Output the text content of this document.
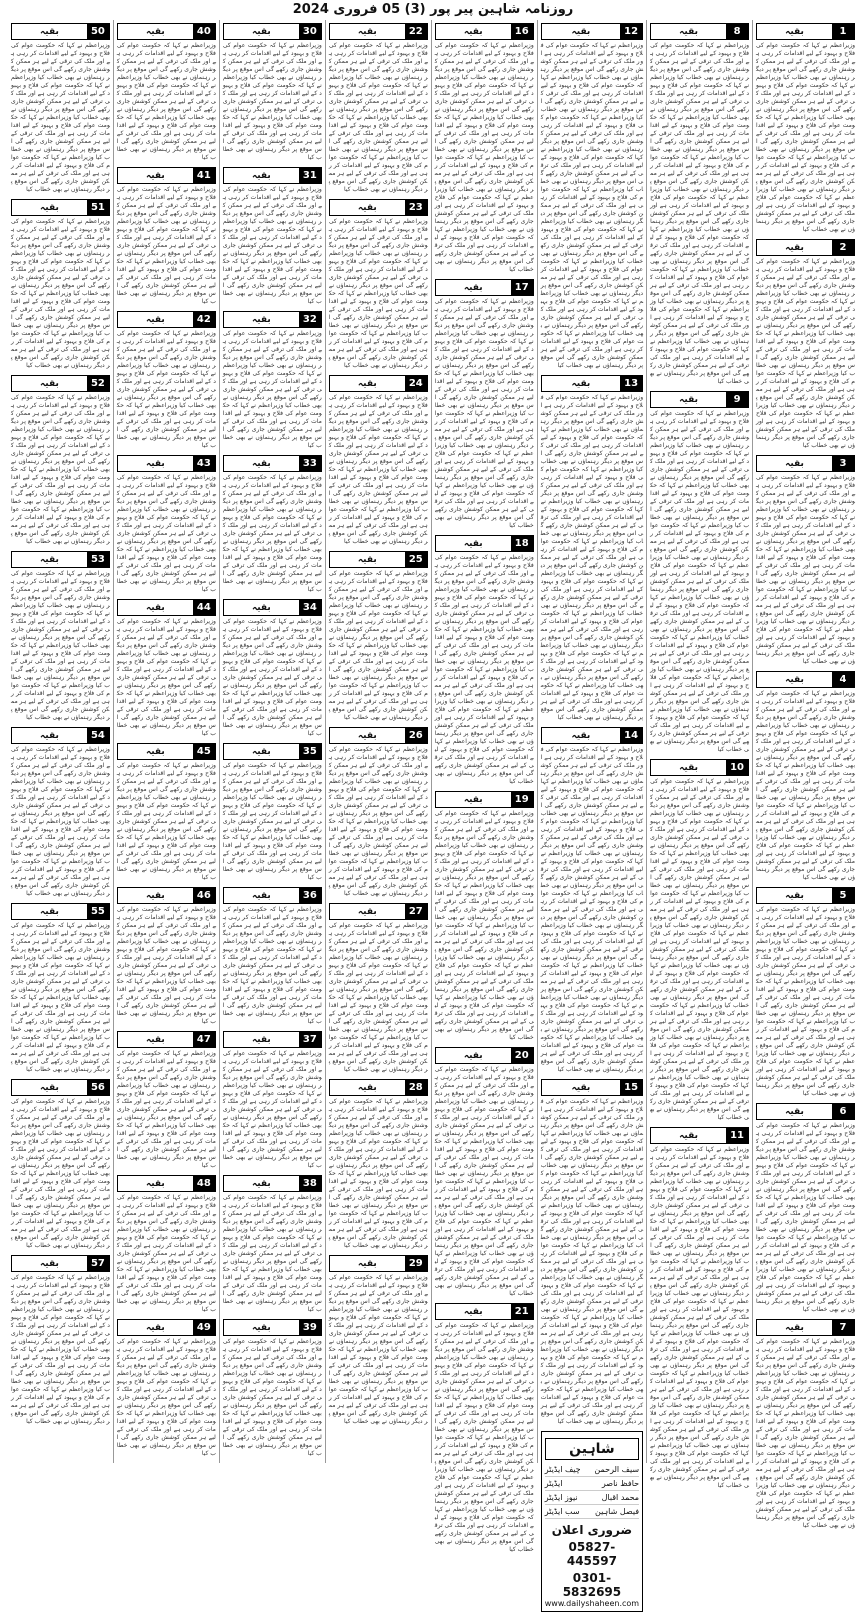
روزنامہ شاہین پیر پور (3) 05 فروری 2024
1
بقیہ
وزیراعظم نے کہا کہ حکومت عوام کی فلاح و بہبود کے لیے اقدامات کر رہی ہے اور ملک کی ترقی کے لیے ہر ممکن کوشش جاری رکھے گی اس موقع پر دیگر رہنماؤں نے بھی خطاب کیا وزیراعظم نے کہا کہ حکومت عوام کی فلاح و بہبود کے لیے اقدامات کر رہی ہے اور ملک کی ترقی کے لیے ہر ممکن کوشش جاری رکھے گی اس موقع پر دیگر رہنماؤں نے بھی خطاب کیا وزیراعظم نے کہا کہ حکومت عوام کی فلاح و بہبود کے لیے اقدامات کر رہی ہے اور ملک کی ترقی کے لیے ہر ممکن کوشش جاری رکھے گی اس موقع پر دیگر رہنماؤں نے بھی خطاب کیا وزیراعظم نے کہا کہ حکومت عوام کی فلاح و بہبود کے لیے اقدامات کر رہی ہے اور ملک کی ترقی کے لیے ہر ممکن کوشش جاری رکھے گی اس موقع پر دیگر رہنماؤں نے بھی خطاب کیا وزیراعظم نے کہا کہ حکومت عوام کی فلاح و بہبود کے لیے اقدامات کر رہی ہے اور ملک کی ترقی کے لیے ہر ممکن کوشش جاری رکھے گی اس موقع پر دیگر رہنماؤں نے بھی خطاب کیا
2
بقیہ
وزیراعظم نے کہا کہ حکومت عوام کی فلاح و بہبود کے لیے اقدامات کر رہی ہے اور ملک کی ترقی کے لیے ہر ممکن کوشش جاری رکھے گی اس موقع پر دیگر رہنماؤں نے بھی خطاب کیا وزیراعظم نے کہا کہ حکومت عوام کی فلاح و بہبود کے لیے اقدامات کر رہی ہے اور ملک کی ترقی کے لیے ہر ممکن کوشش جاری رکھے گی اس موقع پر دیگر رہنماؤں نے بھی خطاب کیا وزیراعظم نے کہا کہ حکومت عوام کی فلاح و بہبود کے لیے اقدامات کر رہی ہے اور ملک کی ترقی کے لیے ہر ممکن کوشش جاری رکھے گی اس موقع پر دیگر رہنماؤں نے بھی خطاب کیا وزیراعظم نے کہا کہ حکومت عوام کی فلاح و بہبود کے لیے اقدامات کر رہی ہے اور ملک کی ترقی کے لیے ہر ممکن کوشش جاری رکھے گی اس موقع پر دیگر رہنماؤں نے بھی خطاب کیا وزیراعظم نے کہا کہ حکومت عوام کی فلاح و بہبود کے لیے اقدامات کر رہی ہے اور ملک کی ترقی کے لیے ہر ممکن کوشش جاری رکھے گی اس موقع پر دیگر رہنماؤں نے بھی خطاب کیا
3
بقیہ
وزیراعظم نے کہا کہ حکومت عوام کی فلاح و بہبود کے لیے اقدامات کر رہی ہے اور ملک کی ترقی کے لیے ہر ممکن کوشش جاری رکھے گی اس موقع پر دیگر رہنماؤں نے بھی خطاب کیا وزیراعظم نے کہا کہ حکومت عوام کی فلاح و بہبود کے لیے اقدامات کر رہی ہے اور ملک کی ترقی کے لیے ہر ممکن کوشش جاری رکھے گی اس موقع پر دیگر رہنماؤں نے بھی خطاب کیا وزیراعظم نے کہا کہ حکومت عوام کی فلاح و بہبود کے لیے اقدامات کر رہی ہے اور ملک کی ترقی کے لیے ہر ممکن کوشش جاری رکھے گی اس موقع پر دیگر رہنماؤں نے بھی خطاب کیا وزیراعظم نے کہا کہ حکومت عوام کی فلاح و بہبود کے لیے اقدامات کر رہی ہے اور ملک کی ترقی کے لیے ہر ممکن کوشش جاری رکھے گی اس موقع پر دیگر رہنماؤں نے بھی خطاب کیا وزیراعظم نے کہا کہ حکومت عوام کی فلاح و بہبود کے لیے اقدامات کر رہی ہے اور ملک کی ترقی کے لیے ہر ممکن کوشش جاری رکھے گی اس موقع پر دیگر رہنماؤں نے بھی خطاب کیا
4
بقیہ
وزیراعظم نے کہا کہ حکومت عوام کی فلاح و بہبود کے لیے اقدامات کر رہی ہے اور ملک کی ترقی کے لیے ہر ممکن کوشش جاری رکھے گی اس موقع پر دیگر رہنماؤں نے بھی خطاب کیا وزیراعظم نے کہا کہ حکومت عوام کی فلاح و بہبود کے لیے اقدامات کر رہی ہے اور ملک کی ترقی کے لیے ہر ممکن کوشش جاری رکھے گی اس موقع پر دیگر رہنماؤں نے بھی خطاب کیا وزیراعظم نے کہا کہ حکومت عوام کی فلاح و بہبود کے لیے اقدامات کر رہی ہے اور ملک کی ترقی کے لیے ہر ممکن کوشش جاری رکھے گی اس موقع پر دیگر رہنماؤں نے بھی خطاب کیا وزیراعظم نے کہا کہ حکومت عوام کی فلاح و بہبود کے لیے اقدامات کر رہی ہے اور ملک کی ترقی کے لیے ہر ممکن کوشش جاری رکھے گی اس موقع پر دیگر رہنماؤں نے بھی خطاب کیا وزیراعظم نے کہا کہ حکومت عوام کی فلاح و بہبود کے لیے اقدامات کر رہی ہے اور ملک کی ترقی کے لیے ہر ممکن کوشش جاری رکھے گی اس موقع پر دیگر رہنماؤں نے بھی خطاب کیا
5
بقیہ
وزیراعظم نے کہا کہ حکومت عوام کی فلاح و بہبود کے لیے اقدامات کر رہی ہے اور ملک کی ترقی کے لیے ہر ممکن کوشش جاری رکھے گی اس موقع پر دیگر رہنماؤں نے بھی خطاب کیا وزیراعظم نے کہا کہ حکومت عوام کی فلاح و بہبود کے لیے اقدامات کر رہی ہے اور ملک کی ترقی کے لیے ہر ممکن کوشش جاری رکھے گی اس موقع پر دیگر رہنماؤں نے بھی خطاب کیا وزیراعظم نے کہا کہ حکومت عوام کی فلاح و بہبود کے لیے اقدامات کر رہی ہے اور ملک کی ترقی کے لیے ہر ممکن کوشش جاری رکھے گی اس موقع پر دیگر رہنماؤں نے بھی خطاب کیا وزیراعظم نے کہا کہ حکومت عوام کی فلاح و بہبود کے لیے اقدامات کر رہی ہے اور ملک کی ترقی کے لیے ہر ممکن کوشش جاری رکھے گی اس موقع پر دیگر رہنماؤں نے بھی خطاب کیا وزیراعظم نے کہا کہ حکومت عوام کی فلاح و بہبود کے لیے اقدامات کر رہی ہے اور ملک کی ترقی کے لیے ہر ممکن کوشش جاری رکھے گی اس موقع پر دیگر رہنماؤں نے بھی خطاب کیا
6
بقیہ
وزیراعظم نے کہا کہ حکومت عوام کی فلاح و بہبود کے لیے اقدامات کر رہی ہے اور ملک کی ترقی کے لیے ہر ممکن کوشش جاری رکھے گی اس موقع پر دیگر رہنماؤں نے بھی خطاب کیا وزیراعظم نے کہا کہ حکومت عوام کی فلاح و بہبود کے لیے اقدامات کر رہی ہے اور ملک کی ترقی کے لیے ہر ممکن کوشش جاری رکھے گی اس موقع پر دیگر رہنماؤں نے بھی خطاب کیا وزیراعظم نے کہا کہ حکومت عوام کی فلاح و بہبود کے لیے اقدامات کر رہی ہے اور ملک کی ترقی کے لیے ہر ممکن کوشش جاری رکھے گی اس موقع پر دیگر رہنماؤں نے بھی خطاب کیا وزیراعظم نے کہا کہ حکومت عوام کی فلاح و بہبود کے لیے اقدامات کر رہی ہے اور ملک کی ترقی کے لیے ہر ممکن کوشش جاری رکھے گی اس موقع پر دیگر رہنماؤں نے بھی خطاب کیا وزیراعظم نے کہا کہ حکومت عوام کی فلاح و بہبود کے لیے اقدامات کر رہی ہے اور ملک کی ترقی کے لیے ہر ممکن کوشش جاری رکھے گی اس موقع پر دیگر رہنماؤں نے بھی خطاب کیا
7
بقیہ
وزیراعظم نے کہا کہ حکومت عوام کی فلاح و بہبود کے لیے اقدامات کر رہی ہے اور ملک کی ترقی کے لیے ہر ممکن کوشش جاری رکھے گی اس موقع پر دیگر رہنماؤں نے بھی خطاب کیا وزیراعظم نے کہا کہ حکومت عوام کی فلاح و بہبود کے لیے اقدامات کر رہی ہے اور ملک کی ترقی کے لیے ہر ممکن کوشش جاری رکھے گی اس موقع پر دیگر رہنماؤں نے بھی خطاب کیا وزیراعظم نے کہا کہ حکومت عوام کی فلاح و بہبود کے لیے اقدامات کر رہی ہے اور ملک کی ترقی کے لیے ہر ممکن کوشش جاری رکھے گی اس موقع پر دیگر رہنماؤں نے بھی خطاب کیا وزیراعظم نے کہا کہ حکومت عوام کی فلاح و بہبود کے لیے اقدامات کر رہی ہے اور ملک کی ترقی کے لیے ہر ممکن کوشش جاری رکھے گی اس موقع پر دیگر رہنماؤں نے بھی خطاب کیا وزیراعظم نے کہا کہ حکومت عوام کی فلاح و بہبود کے لیے اقدامات کر رہی ہے اور ملک کی ترقی کے لیے ہر ممکن کوشش جاری رکھے گی اس موقع پر دیگر رہنماؤں نے بھی خطاب کیا
8
بقیہ
وزیراعظم نے کہا کہ حکومت عوام کی فلاح و بہبود کے لیے اقدامات کر رہی ہے اور ملک کی ترقی کے لیے ہر ممکن کوشش جاری رکھے گی اس موقع پر دیگر رہنماؤں نے بھی خطاب کیا وزیراعظم نے کہا کہ حکومت عوام کی فلاح و بہبود کے لیے اقدامات کر رہی ہے اور ملک کی ترقی کے لیے ہر ممکن کوشش جاری رکھے گی اس موقع پر دیگر رہنماؤں نے بھی خطاب کیا وزیراعظم نے کہا کہ حکومت عوام کی فلاح و بہبود کے لیے اقدامات کر رہی ہے اور ملک کی ترقی کے لیے ہر ممکن کوشش جاری رکھے گی اس موقع پر دیگر رہنماؤں نے بھی خطاب کیا وزیراعظم نے کہا کہ حکومت عوام کی فلاح و بہبود کے لیے اقدامات کر رہی ہے اور ملک کی ترقی کے لیے ہر ممکن کوشش جاری رکھے گی اس موقع پر دیگر رہنماؤں نے بھی خطاب کیا وزیراعظم نے کہا کہ حکومت عوام کی فلاح و بہبود کے لیے اقدامات کر رہی ہے اور ملک کی ترقی کے لیے ہر ممکن کوشش جاری رکھے گی اس موقع پر دیگر رہنماؤں نے بھی خطاب کیا وزیراعظم نے کہا کہ حکومت عوام کی فلاح و بہبود کے لیے اقدامات کر رہی ہے اور ملک کی ترقی کے لیے ہر ممکن کوشش جاری رکھے گی اس موقع پر دیگر رہنماؤں نے بھی خطاب کیا وزیراعظم نے کہا کہ حکومت عوام کی فلاح و بہبود کے لیے اقدامات کر رہی ہے اور ملک کی ترقی کے لیے ہر ممکن کوشش جاری رکھے گی اس موقع پر دیگر رہنماؤں نے بھی خطاب کیا وزیراعظم نے کہا کہ حکومت عوام کی فلاح و بہبود کے لیے اقدامات کر رہی ہے اور ملک کی ترقی کے لیے ہر ممکن کوشش جاری رکھے گی اس موقع پر دیگر رہنماؤں نے بھی خطاب کیا وزیراعظم نے کہا کہ حکومت عوام کی فلاح و بہبود کے لیے اقدامات کر رہی ہے اور ملک کی ترقی کے لیے ہر ممکن کوشش جاری رکھے گی اس موقع پر دیگر رہنماؤں نے بھی خطاب کیا
9
بقیہ
وزیراعظم نے کہا کہ حکومت عوام کی فلاح و بہبود کے لیے اقدامات کر رہی ہے اور ملک کی ترقی کے لیے ہر ممکن کوشش جاری رکھے گی اس موقع پر دیگر رہنماؤں نے بھی خطاب کیا وزیراعظم نے کہا کہ حکومت عوام کی فلاح و بہبود کے لیے اقدامات کر رہی ہے اور ملک کی ترقی کے لیے ہر ممکن کوشش جاری رکھے گی اس موقع پر دیگر رہنماؤں نے بھی خطاب کیا وزیراعظم نے کہا کہ حکومت عوام کی فلاح و بہبود کے لیے اقدامات کر رہی ہے اور ملک کی ترقی کے لیے ہر ممکن کوشش جاری رکھے گی اس موقع پر دیگر رہنماؤں نے بھی خطاب کیا وزیراعظم نے کہا کہ حکومت عوام کی فلاح و بہبود کے لیے اقدامات کر رہی ہے اور ملک کی ترقی کے لیے ہر ممکن کوشش جاری رکھے گی اس موقع پر دیگر رہنماؤں نے بھی خطاب کیا وزیراعظم نے کہا کہ حکومت عوام کی فلاح و بہبود کے لیے اقدامات کر رہی ہے اور ملک کی ترقی کے لیے ہر ممکن کوشش جاری رکھے گی اس موقع پر دیگر رہنماؤں نے بھی خطاب کیا وزیراعظم نے کہا کہ حکومت عوام کی فلاح و بہبود کے لیے اقدامات کر رہی ہے اور ملک کی ترقی کے لیے ہر ممکن کوشش جاری رکھے گی اس موقع پر دیگر رہنماؤں نے بھی خطاب کیا وزیراعظم نے کہا کہ حکومت عوام کی فلاح و بہبود کے لیے اقدامات کر رہی ہے اور ملک کی ترقی کے لیے ہر ممکن کوشش جاری رکھے گی اس موقع پر دیگر رہنماؤں نے بھی خطاب کیا وزیراعظم نے کہا کہ حکومت عوام کی فلاح و بہبود کے لیے اقدامات کر رہی ہے اور ملک کی ترقی کے لیے ہر ممکن کوشش جاری رکھے گی اس موقع پر دیگر رہنماؤں نے بھی خطاب کیا وزیراعظم نے کہا کہ حکومت عوام کی فلاح و بہبود کے لیے اقدامات کر رہی ہے اور ملک کی ترقی کے لیے ہر ممکن کوشش جاری رکھے گی اس موقع پر دیگر رہنماؤں نے بھی خطاب کیا
10
بقیہ
وزیراعظم نے کہا کہ حکومت عوام کی فلاح و بہبود کے لیے اقدامات کر رہی ہے اور ملک کی ترقی کے لیے ہر ممکن کوشش جاری رکھے گی اس موقع پر دیگر رہنماؤں نے بھی خطاب کیا وزیراعظم نے کہا کہ حکومت عوام کی فلاح و بہبود کے لیے اقدامات کر رہی ہے اور ملک کی ترقی کے لیے ہر ممکن کوشش جاری رکھے گی اس موقع پر دیگر رہنماؤں نے بھی خطاب کیا وزیراعظم نے کہا کہ حکومت عوام کی فلاح و بہبود کے لیے اقدامات کر رہی ہے اور ملک کی ترقی کے لیے ہر ممکن کوشش جاری رکھے گی اس موقع پر دیگر رہنماؤں نے بھی خطاب کیا وزیراعظم نے کہا کہ حکومت عوام کی فلاح و بہبود کے لیے اقدامات کر رہی ہے اور ملک کی ترقی کے لیے ہر ممکن کوشش جاری رکھے گی اس موقع پر دیگر رہنماؤں نے بھی خطاب کیا وزیراعظم نے کہا کہ حکومت عوام کی فلاح و بہبود کے لیے اقدامات کر رہی ہے اور ملک کی ترقی کے لیے ہر ممکن کوشش جاری رکھے گی اس موقع پر دیگر رہنماؤں نے بھی خطاب کیا وزیراعظم نے کہا کہ حکومت عوام کی فلاح و بہبود کے لیے اقدامات کر رہی ہے اور ملک کی ترقی کے لیے ہر ممکن کوشش جاری رکھے گی اس موقع پر دیگر رہنماؤں نے بھی خطاب کیا وزیراعظم نے کہا کہ حکومت عوام کی فلاح و بہبود کے لیے اقدامات کر رہی ہے اور ملک کی ترقی کے لیے ہر ممکن کوشش جاری رکھے گی اس موقع پر دیگر رہنماؤں نے بھی خطاب کیا وزیراعظم نے کہا کہ حکومت عوام کی فلاح و بہبود کے لیے اقدامات کر رہی ہے اور ملک کی ترقی کے لیے ہر ممکن کوشش جاری رکھے گی اس موقع پر دیگر رہنماؤں نے بھی خطاب کیا وزیراعظم نے کہا کہ حکومت عوام کی فلاح و بہبود کے لیے اقدامات کر رہی ہے اور ملک کی ترقی کے لیے ہر ممکن کوشش جاری رکھے گی اس موقع پر دیگر رہنماؤں نے بھی خطاب کیا
11
بقیہ
وزیراعظم نے کہا کہ حکومت عوام کی فلاح و بہبود کے لیے اقدامات کر رہی ہے اور ملک کی ترقی کے لیے ہر ممکن کوشش جاری رکھے گی اس موقع پر دیگر رہنماؤں نے بھی خطاب کیا وزیراعظم نے کہا کہ حکومت عوام کی فلاح و بہبود کے لیے اقدامات کر رہی ہے اور ملک کی ترقی کے لیے ہر ممکن کوشش جاری رکھے گی اس موقع پر دیگر رہنماؤں نے بھی خطاب کیا وزیراعظم نے کہا کہ حکومت عوام کی فلاح و بہبود کے لیے اقدامات کر رہی ہے اور ملک کی ترقی کے لیے ہر ممکن کوشش جاری رکھے گی اس موقع پر دیگر رہنماؤں نے بھی خطاب کیا وزیراعظم نے کہا کہ حکومت عوام کی فلاح و بہبود کے لیے اقدامات کر رہی ہے اور ملک کی ترقی کے لیے ہر ممکن کوشش جاری رکھے گی اس موقع پر دیگر رہنماؤں نے بھی خطاب کیا وزیراعظم نے کہا کہ حکومت عوام کی فلاح و بہبود کے لیے اقدامات کر رہی ہے اور ملک کی ترقی کے لیے ہر ممکن کوشش جاری رکھے گی اس موقع پر دیگر رہنماؤں نے بھی خطاب کیا وزیراعظم نے کہا کہ حکومت عوام کی فلاح و بہبود کے لیے اقدامات کر رہی ہے اور ملک کی ترقی کے لیے ہر ممکن کوشش جاری رکھے گی اس موقع پر دیگر رہنماؤں نے بھی خطاب کیا وزیراعظم نے کہا کہ حکومت عوام کی فلاح و بہبود کے لیے اقدامات کر رہی ہے اور ملک کی ترقی کے لیے ہر ممکن کوشش جاری رکھے گی اس موقع پر دیگر رہنماؤں نے بھی خطاب کیا وزیراعظم نے کہا کہ حکومت عوام کی فلاح و بہبود کے لیے اقدامات کر رہی ہے اور ملک کی ترقی کے لیے ہر ممکن کوشش جاری رکھے گی اس موقع پر دیگر رہنماؤں نے بھی خطاب کیا وزیراعظم نے کہا کہ حکومت عوام کی فلاح و بہبود کے لیے اقدامات کر رہی ہے اور ملک کی ترقی کے لیے ہر ممکن کوشش جاری رکھے گی اس موقع پر دیگر رہنماؤں نے بھی خطاب کیا
12
بقیہ
وزیراعظم نے کہا کہ حکومت عوام کی فلاح و بہبود کے لیے اقدامات کر رہی ہے اور ملک کی ترقی کے لیے ہر ممکن کوشش جاری رکھے گی اس موقع پر دیگر رہنماؤں نے بھی خطاب کیا وزیراعظم نے کہا کہ حکومت عوام کی فلاح و بہبود کے لیے اقدامات کر رہی ہے اور ملک کی ترقی کے لیے ہر ممکن کوشش جاری رکھے گی اس موقع پر دیگر رہنماؤں نے بھی خطاب کیا وزیراعظم نے کہا کہ حکومت عوام کی فلاح و بہبود کے لیے اقدامات کر رہی ہے اور ملک کی ترقی کے لیے ہر ممکن کوشش جاری رکھے گی اس موقع پر دیگر رہنماؤں نے بھی خطاب کیا وزیراعظم نے کہا کہ حکومت عوام کی فلاح و بہبود کے لیے اقدامات کر رہی ہے اور ملک کی ترقی کے لیے ہر ممکن کوشش جاری رکھے گی اس موقع پر دیگر رہنماؤں نے بھی خطاب کیا وزیراعظم نے کہا کہ حکومت عوام کی فلاح و بہبود کے لیے اقدامات کر رہی ہے اور ملک کی ترقی کے لیے ہر ممکن کوشش جاری رکھے گی اس موقع پر دیگر رہنماؤں نے بھی خطاب کیا وزیراعظم نے کہا کہ حکومت عوام کی فلاح و بہبود کے لیے اقدامات کر رہی ہے اور ملک کی ترقی کے لیے ہر ممکن کوشش جاری رکھے گی اس موقع پر دیگر رہنماؤں نے بھی خطاب کیا وزیراعظم نے کہا کہ حکومت عوام کی فلاح و بہبود کے لیے اقدامات کر رہی ہے اور ملک کی ترقی کے لیے ہر ممکن کوشش جاری رکھے گی اس موقع پر دیگر رہنماؤں نے بھی خطاب کیا وزیراعظم نے کہا کہ حکومت عوام کی فلاح و بہبود کے لیے اقدامات کر رہی ہے اور ملک کی ترقی کے لیے ہر ممکن کوشش جاری رکھے گی اس موقع پر دیگر رہنماؤں نے بھی خطاب کیا وزیراعظم نے کہا کہ حکومت عوام کی فلاح و بہبود کے لیے اقدامات کر رہی ہے اور ملک کی ترقی کے لیے ہر ممکن کوشش جاری رکھے گی اس موقع پر دیگر رہنماؤں نے بھی خطاب کیا
13
بقیہ
وزیراعظم نے کہا کہ حکومت عوام کی فلاح و بہبود کے لیے اقدامات کر رہی ہے اور ملک کی ترقی کے لیے ہر ممکن کوشش جاری رکھے گی اس موقع پر دیگر رہنماؤں نے بھی خطاب کیا وزیراعظم نے کہا کہ حکومت عوام کی فلاح و بہبود کے لیے اقدامات کر رہی ہے اور ملک کی ترقی کے لیے ہر ممکن کوشش جاری رکھے گی اس موقع پر دیگر رہنماؤں نے بھی خطاب کیا وزیراعظم نے کہا کہ حکومت عوام کی فلاح و بہبود کے لیے اقدامات کر رہی ہے اور ملک کی ترقی کے لیے ہر ممکن کوشش جاری رکھے گی اس موقع پر دیگر رہنماؤں نے بھی خطاب کیا وزیراعظم نے کہا کہ حکومت عوام کی فلاح و بہبود کے لیے اقدامات کر رہی ہے اور ملک کی ترقی کے لیے ہر ممکن کوشش جاری رکھے گی اس موقع پر دیگر رہنماؤں نے بھی خطاب کیا وزیراعظم نے کہا کہ حکومت عوام کی فلاح و بہبود کے لیے اقدامات کر رہی ہے اور ملک کی ترقی کے لیے ہر ممکن کوشش جاری رکھے گی اس موقع پر دیگر رہنماؤں نے بھی خطاب کیا وزیراعظم نے کہا کہ حکومت عوام کی فلاح و بہبود کے لیے اقدامات کر رہی ہے اور ملک کی ترقی کے لیے ہر ممکن کوشش جاری رکھے گی اس موقع پر دیگر رہنماؤں نے بھی خطاب کیا وزیراعظم نے کہا کہ حکومت عوام کی فلاح و بہبود کے لیے اقدامات کر رہی ہے اور ملک کی ترقی کے لیے ہر ممکن کوشش جاری رکھے گی اس موقع پر دیگر رہنماؤں نے بھی خطاب کیا وزیراعظم نے کہا کہ حکومت عوام کی فلاح و بہبود کے لیے اقدامات کر رہی ہے اور ملک کی ترقی کے لیے ہر ممکن کوشش جاری رکھے گی اس موقع پر دیگر رہنماؤں نے بھی خطاب کیا وزیراعظم نے کہا کہ حکومت عوام کی فلاح و بہبود کے لیے اقدامات کر رہی ہے اور ملک کی ترقی کے لیے ہر ممکن کوشش جاری رکھے گی اس موقع پر دیگر رہنماؤں نے بھی خطاب کیا
14
بقیہ
وزیراعظم نے کہا کہ حکومت عوام کی فلاح و بہبود کے لیے اقدامات کر رہی ہے اور ملک کی ترقی کے لیے ہر ممکن کوشش جاری رکھے گی اس موقع پر دیگر رہنماؤں نے بھی خطاب کیا وزیراعظم نے کہا کہ حکومت عوام کی فلاح و بہبود کے لیے اقدامات کر رہی ہے اور ملک کی ترقی کے لیے ہر ممکن کوشش جاری رکھے گی اس موقع پر دیگر رہنماؤں نے بھی خطاب کیا وزیراعظم نے کہا کہ حکومت عوام کی فلاح و بہبود کے لیے اقدامات کر رہی ہے اور ملک کی ترقی کے لیے ہر ممکن کوشش جاری رکھے گی اس موقع پر دیگر رہنماؤں نے بھی خطاب کیا وزیراعظم نے کہا کہ حکومت عوام کی فلاح و بہبود کے لیے اقدامات کر رہی ہے اور ملک کی ترقی کے لیے ہر ممکن کوشش جاری رکھے گی اس موقع پر دیگر رہنماؤں نے بھی خطاب کیا وزیراعظم نے کہا کہ حکومت عوام کی فلاح و بہبود کے لیے اقدامات کر رہی ہے اور ملک کی ترقی کے لیے ہر ممکن کوشش جاری رکھے گی اس موقع پر دیگر رہنماؤں نے بھی خطاب کیا وزیراعظم نے کہا کہ حکومت عوام کی فلاح و بہبود کے لیے اقدامات کر رہی ہے اور ملک کی ترقی کے لیے ہر ممکن کوشش جاری رکھے گی اس موقع پر دیگر رہنماؤں نے بھی خطاب کیا وزیراعظم نے کہا کہ حکومت عوام کی فلاح و بہبود کے لیے اقدامات کر رہی ہے اور ملک کی ترقی کے لیے ہر ممکن کوشش جاری رکھے گی اس موقع پر دیگر رہنماؤں نے بھی خطاب کیا وزیراعظم نے کہا کہ حکومت عوام کی فلاح و بہبود کے لیے اقدامات کر رہی ہے اور ملک کی ترقی کے لیے ہر ممکن کوشش جاری رکھے گی اس موقع پر دیگر رہنماؤں نے بھی خطاب کیا وزیراعظم نے کہا کہ حکومت عوام کی فلاح و بہبود کے لیے اقدامات کر رہی ہے اور ملک کی ترقی کے لیے ہر ممکن کوشش جاری رکھے گی اس موقع پر دیگر رہنماؤں نے بھی خطاب کیا
15
بقیہ
وزیراعظم نے کہا کہ حکومت عوام کی فلاح و بہبود کے لیے اقدامات کر رہی ہے اور ملک کی ترقی کے لیے ہر ممکن کوشش جاری رکھے گی اس موقع پر دیگر رہنماؤں نے بھی خطاب کیا وزیراعظم نے کہا کہ حکومت عوام کی فلاح و بہبود کے لیے اقدامات کر رہی ہے اور ملک کی ترقی کے لیے ہر ممکن کوشش جاری رکھے گی اس موقع پر دیگر رہنماؤں نے بھی خطاب کیا وزیراعظم نے کہا کہ حکومت عوام کی فلاح و بہبود کے لیے اقدامات کر رہی ہے اور ملک کی ترقی کے لیے ہر ممکن کوشش جاری رکھے گی اس موقع پر دیگر رہنماؤں نے بھی خطاب کیا وزیراعظم نے کہا کہ حکومت عوام کی فلاح و بہبود کے لیے اقدامات کر رہی ہے اور ملک کی ترقی کے لیے ہر ممکن کوشش جاری رکھے گی اس موقع پر دیگر رہنماؤں نے بھی خطاب کیا وزیراعظم نے کہا کہ حکومت عوام کی فلاح و بہبود کے لیے اقدامات کر رہی ہے اور ملک کی ترقی کے لیے ہر ممکن کوشش جاری رکھے گی اس موقع پر دیگر رہنماؤں نے بھی خطاب کیا وزیراعظم نے کہا کہ حکومت عوام کی فلاح و بہبود کے لیے اقدامات کر رہی ہے اور ملک کی ترقی کے لیے ہر ممکن کوشش جاری رکھے گی اس موقع پر دیگر رہنماؤں نے بھی خطاب کیا وزیراعظم نے کہا کہ حکومت عوام کی فلاح و بہبود کے لیے اقدامات کر رہی ہے اور ملک کی ترقی کے لیے ہر ممکن کوشش جاری رکھے گی اس موقع پر دیگر رہنماؤں نے بھی خطاب کیا وزیراعظم نے کہا کہ حکومت عوام کی فلاح و بہبود کے لیے اقدامات کر رہی ہے اور ملک کی ترقی کے لیے ہر ممکن کوشش جاری رکھے گی اس موقع پر دیگر رہنماؤں نے بھی خطاب کیا وزیراعظم نے کہا کہ حکومت عوام کی فلاح و بہبود کے لیے اقدامات کر رہی ہے اور ملک کی ترقی کے لیے ہر ممکن کوشش جاری رکھے گی اس موقع پر دیگر رہنماؤں نے بھی خطاب کیا
شاہین
چیف ایڈیٹر سیف الرحمن
ایڈیٹر	حافظ ناصر
نیوز ایڈیٹر	محمد اقبال
سب ایڈیٹر فیصل شاہین
ضروری اعلان
05827-445597
0301-5832695
www.dailyshaheen.com
16
بقیہ
وزیراعظم نے کہا کہ حکومت عوام کی فلاح و بہبود کے لیے اقدامات کر رہی ہے اور ملک کی ترقی کے لیے ہر ممکن کوشش جاری رکھے گی اس موقع پر دیگر رہنماؤں نے بھی خطاب کیا وزیراعظم نے کہا کہ حکومت عوام کی فلاح و بہبود کے لیے اقدامات کر رہی ہے اور ملک کی ترقی کے لیے ہر ممکن کوشش جاری رکھے گی اس موقع پر دیگر رہنماؤں نے بھی خطاب کیا وزیراعظم نے کہا کہ حکومت عوام کی فلاح و بہبود کے لیے اقدامات کر رہی ہے اور ملک کی ترقی کے لیے ہر ممکن کوشش جاری رکھے گی اس موقع پر دیگر رہنماؤں نے بھی خطاب کیا وزیراعظم نے کہا کہ حکومت عوام کی فلاح و بہبود کے لیے اقدامات کر رہی ہے اور ملک کی ترقی کے لیے ہر ممکن کوشش جاری رکھے گی اس موقع پر دیگر رہنماؤں نے بھی خطاب کیا وزیراعظم نے کہا کہ حکومت عوام کی فلاح و بہبود کے لیے اقدامات کر رہی ہے اور ملک کی ترقی کے لیے ہر ممکن کوشش جاری رکھے گی اس موقع پر دیگر رہنماؤں نے بھی خطاب کیا وزیراعظم نے کہا کہ حکومت عوام کی فلاح و بہبود کے لیے اقدامات کر رہی ہے اور ملک کی ترقی کے لیے ہر ممکن کوشش جاری رکھے گی اس موقع پر دیگر رہنماؤں نے بھی خطاب کیا
17
بقیہ
وزیراعظم نے کہا کہ حکومت عوام کی فلاح و بہبود کے لیے اقدامات کر رہی ہے اور ملک کی ترقی کے لیے ہر ممکن کوشش جاری رکھے گی اس موقع پر دیگر رہنماؤں نے بھی خطاب کیا وزیراعظم نے کہا کہ حکومت عوام کی فلاح و بہبود کے لیے اقدامات کر رہی ہے اور ملک کی ترقی کے لیے ہر ممکن کوشش جاری رکھے گی اس موقع پر دیگر رہنماؤں نے بھی خطاب کیا وزیراعظم نے کہا کہ حکومت عوام کی فلاح و بہبود کے لیے اقدامات کر رہی ہے اور ملک کی ترقی کے لیے ہر ممکن کوشش جاری رکھے گی اس موقع پر دیگر رہنماؤں نے بھی خطاب کیا وزیراعظم نے کہا کہ حکومت عوام کی فلاح و بہبود کے لیے اقدامات کر رہی ہے اور ملک کی ترقی کے لیے ہر ممکن کوشش جاری رکھے گی اس موقع پر دیگر رہنماؤں نے بھی خطاب کیا وزیراعظم نے کہا کہ حکومت عوام کی فلاح و بہبود کے لیے اقدامات کر رہی ہے اور ملک کی ترقی کے لیے ہر ممکن کوشش جاری رکھے گی اس موقع پر دیگر رہنماؤں نے بھی خطاب کیا وزیراعظم نے کہا کہ حکومت عوام کی فلاح و بہبود کے لیے اقدامات کر رہی ہے اور ملک کی ترقی کے لیے ہر ممکن کوشش جاری رکھے گی اس موقع پر دیگر رہنماؤں نے بھی خطاب کیا
18
بقیہ
وزیراعظم نے کہا کہ حکومت عوام کی فلاح و بہبود کے لیے اقدامات کر رہی ہے اور ملک کی ترقی کے لیے ہر ممکن کوشش جاری رکھے گی اس موقع پر دیگر رہنماؤں نے بھی خطاب کیا وزیراعظم نے کہا کہ حکومت عوام کی فلاح و بہبود کے لیے اقدامات کر رہی ہے اور ملک کی ترقی کے لیے ہر ممکن کوشش جاری رکھے گی اس موقع پر دیگر رہنماؤں نے بھی خطاب کیا وزیراعظم نے کہا کہ حکومت عوام کی فلاح و بہبود کے لیے اقدامات کر رہی ہے اور ملک کی ترقی کے لیے ہر ممکن کوشش جاری رکھے گی اس موقع پر دیگر رہنماؤں نے بھی خطاب کیا وزیراعظم نے کہا کہ حکومت عوام کی فلاح و بہبود کے لیے اقدامات کر رہی ہے اور ملک کی ترقی کے لیے ہر ممکن کوشش جاری رکھے گی اس موقع پر دیگر رہنماؤں نے بھی خطاب کیا وزیراعظم نے کہا کہ حکومت عوام کی فلاح و بہبود کے لیے اقدامات کر رہی ہے اور ملک کی ترقی کے لیے ہر ممکن کوشش جاری رکھے گی اس موقع پر دیگر رہنماؤں نے بھی خطاب کیا وزیراعظم نے کہا کہ حکومت عوام کی فلاح و بہبود کے لیے اقدامات کر رہی ہے اور ملک کی ترقی کے لیے ہر ممکن کوشش جاری رکھے گی اس موقع پر دیگر رہنماؤں نے بھی خطاب کیا
19
بقیہ
وزیراعظم نے کہا کہ حکومت عوام کی فلاح و بہبود کے لیے اقدامات کر رہی ہے اور ملک کی ترقی کے لیے ہر ممکن کوشش جاری رکھے گی اس موقع پر دیگر رہنماؤں نے بھی خطاب کیا وزیراعظم نے کہا کہ حکومت عوام کی فلاح و بہبود کے لیے اقدامات کر رہی ہے اور ملک کی ترقی کے لیے ہر ممکن کوشش جاری رکھے گی اس موقع پر دیگر رہنماؤں نے بھی خطاب کیا وزیراعظم نے کہا کہ حکومت عوام کی فلاح و بہبود کے لیے اقدامات کر رہی ہے اور ملک کی ترقی کے لیے ہر ممکن کوشش جاری رکھے گی اس موقع پر دیگر رہنماؤں نے بھی خطاب کیا وزیراعظم نے کہا کہ حکومت عوام کی فلاح و بہبود کے لیے اقدامات کر رہی ہے اور ملک کی ترقی کے لیے ہر ممکن کوشش جاری رکھے گی اس موقع پر دیگر رہنماؤں نے بھی خطاب کیا وزیراعظم نے کہا کہ حکومت عوام کی فلاح و بہبود کے لیے اقدامات کر رہی ہے اور ملک کی ترقی کے لیے ہر ممکن کوشش جاری رکھے گی اس موقع پر دیگر رہنماؤں نے بھی خطاب کیا وزیراعظم نے کہا کہ حکومت عوام کی فلاح و بہبود کے لیے اقدامات کر رہی ہے اور ملک کی ترقی کے لیے ہر ممکن کوشش جاری رکھے گی اس موقع پر دیگر رہنماؤں نے بھی خطاب کیا
20
بقیہ
وزیراعظم نے کہا کہ حکومت عوام کی فلاح و بہبود کے لیے اقدامات کر رہی ہے اور ملک کی ترقی کے لیے ہر ممکن کوشش جاری رکھے گی اس موقع پر دیگر رہنماؤں نے بھی خطاب کیا وزیراعظم نے کہا کہ حکومت عوام کی فلاح و بہبود کے لیے اقدامات کر رہی ہے اور ملک کی ترقی کے لیے ہر ممکن کوشش جاری رکھے گی اس موقع پر دیگر رہنماؤں نے بھی خطاب کیا وزیراعظم نے کہا کہ حکومت عوام کی فلاح و بہبود کے لیے اقدامات کر رہی ہے اور ملک کی ترقی کے لیے ہر ممکن کوشش جاری رکھے گی اس موقع پر دیگر رہنماؤں نے بھی خطاب کیا وزیراعظم نے کہا کہ حکومت عوام کی فلاح و بہبود کے لیے اقدامات کر رہی ہے اور ملک کی ترقی کے لیے ہر ممکن کوشش جاری رکھے گی اس موقع پر دیگر رہنماؤں نے بھی خطاب کیا وزیراعظم نے کہا کہ حکومت عوام کی فلاح و بہبود کے لیے اقدامات کر رہی ہے اور ملک کی ترقی کے لیے ہر ممکن کوشش جاری رکھے گی اس موقع پر دیگر رہنماؤں نے بھی خطاب کیا وزیراعظم نے کہا کہ حکومت عوام کی فلاح و بہبود کے لیے اقدامات کر رہی ہے اور ملک کی ترقی کے لیے ہر ممکن کوشش جاری رکھے گی اس موقع پر دیگر رہنماؤں نے بھی خطاب کیا
21
بقیہ
وزیراعظم نے کہا کہ حکومت عوام کی فلاح و بہبود کے لیے اقدامات کر رہی ہے اور ملک کی ترقی کے لیے ہر ممکن کوشش جاری رکھے گی اس موقع پر دیگر رہنماؤں نے بھی خطاب کیا وزیراعظم نے کہا کہ حکومت عوام کی فلاح و بہبود کے لیے اقدامات کر رہی ہے اور ملک کی ترقی کے لیے ہر ممکن کوشش جاری رکھے گی اس موقع پر دیگر رہنماؤں نے بھی خطاب کیا وزیراعظم نے کہا کہ حکومت عوام کی فلاح و بہبود کے لیے اقدامات کر رہی ہے اور ملک کی ترقی کے لیے ہر ممکن کوشش جاری رکھے گی اس موقع پر دیگر رہنماؤں نے بھی خطاب کیا وزیراعظم نے کہا کہ حکومت عوام کی فلاح و بہبود کے لیے اقدامات کر رہی ہے اور ملک کی ترقی کے لیے ہر ممکن کوشش جاری رکھے گی اس موقع پر دیگر رہنماؤں نے بھی خطاب کیا وزیراعظم نے کہا کہ حکومت عوام کی فلاح و بہبود کے لیے اقدامات کر رہی ہے اور ملک کی ترقی کے لیے ہر ممکن کوشش جاری رکھے گی اس موقع پر دیگر رہنماؤں نے بھی خطاب کیا وزیراعظم نے کہا کہ حکومت عوام کی فلاح و بہبود کے لیے اقدامات کر رہی ہے اور ملک کی ترقی کے لیے ہر ممکن کوشش جاری رکھے گی اس موقع پر دیگر رہنماؤں نے بھی خطاب کیا
22
بقیہ
وزیراعظم نے کہا کہ حکومت عوام کی فلاح و بہبود کے لیے اقدامات کر رہی ہے اور ملک کی ترقی کے لیے ہر ممکن کوشش جاری رکھے گی اس موقع پر دیگر رہنماؤں نے بھی خطاب کیا وزیراعظم نے کہا کہ حکومت عوام کی فلاح و بہبود کے لیے اقدامات کر رہی ہے اور ملک کی ترقی کے لیے ہر ممکن کوشش جاری رکھے گی اس موقع پر دیگر رہنماؤں نے بھی خطاب کیا وزیراعظم نے کہا کہ حکومت عوام کی فلاح و بہبود کے لیے اقدامات کر رہی ہے اور ملک کی ترقی کے لیے ہر ممکن کوشش جاری رکھے گی اس موقع پر دیگر رہنماؤں نے بھی خطاب کیا وزیراعظم نے کہا کہ حکومت عوام کی فلاح و بہبود کے لیے اقدامات کر رہی ہے اور ملک کی ترقی کے لیے ہر ممکن کوشش جاری رکھے گی اس موقع پر دیگر رہنماؤں نے بھی خطاب کیا
23
بقیہ
وزیراعظم نے کہا کہ حکومت عوام کی فلاح و بہبود کے لیے اقدامات کر رہی ہے اور ملک کی ترقی کے لیے ہر ممکن کوشش جاری رکھے گی اس موقع پر دیگر رہنماؤں نے بھی خطاب کیا وزیراعظم نے کہا کہ حکومت عوام کی فلاح و بہبود کے لیے اقدامات کر رہی ہے اور ملک کی ترقی کے لیے ہر ممکن کوشش جاری رکھے گی اس موقع پر دیگر رہنماؤں نے بھی خطاب کیا وزیراعظم نے کہا کہ حکومت عوام کی فلاح و بہبود کے لیے اقدامات کر رہی ہے اور ملک کی ترقی کے لیے ہر ممکن کوشش جاری رکھے گی اس موقع پر دیگر رہنماؤں نے بھی خطاب کیا وزیراعظم نے کہا کہ حکومت عوام کی فلاح و بہبود کے لیے اقدامات کر رہی ہے اور ملک کی ترقی کے لیے ہر ممکن کوشش جاری رکھے گی اس موقع پر دیگر رہنماؤں نے بھی خطاب کیا
24
بقیہ
وزیراعظم نے کہا کہ حکومت عوام کی فلاح و بہبود کے لیے اقدامات کر رہی ہے اور ملک کی ترقی کے لیے ہر ممکن کوشش جاری رکھے گی اس موقع پر دیگر رہنماؤں نے بھی خطاب کیا وزیراعظم نے کہا کہ حکومت عوام کی فلاح و بہبود کے لیے اقدامات کر رہی ہے اور ملک کی ترقی کے لیے ہر ممکن کوشش جاری رکھے گی اس موقع پر دیگر رہنماؤں نے بھی خطاب کیا وزیراعظم نے کہا کہ حکومت عوام کی فلاح و بہبود کے لیے اقدامات کر رہی ہے اور ملک کی ترقی کے لیے ہر ممکن کوشش جاری رکھے گی اس موقع پر دیگر رہنماؤں نے بھی خطاب کیا وزیراعظم نے کہا کہ حکومت عوام کی فلاح و بہبود کے لیے اقدامات کر رہی ہے اور ملک کی ترقی کے لیے ہر ممکن کوشش جاری رکھے گی اس موقع پر دیگر رہنماؤں نے بھی خطاب کیا
25
بقیہ
وزیراعظم نے کہا کہ حکومت عوام کی فلاح و بہبود کے لیے اقدامات کر رہی ہے اور ملک کی ترقی کے لیے ہر ممکن کوشش جاری رکھے گی اس موقع پر دیگر رہنماؤں نے بھی خطاب کیا وزیراعظم نے کہا کہ حکومت عوام کی فلاح و بہبود کے لیے اقدامات کر رہی ہے اور ملک کی ترقی کے لیے ہر ممکن کوشش جاری رکھے گی اس موقع پر دیگر رہنماؤں نے بھی خطاب کیا وزیراعظم نے کہا کہ حکومت عوام کی فلاح و بہبود کے لیے اقدامات کر رہی ہے اور ملک کی ترقی کے لیے ہر ممکن کوشش جاری رکھے گی اس موقع پر دیگر رہنماؤں نے بھی خطاب کیا وزیراعظم نے کہا کہ حکومت عوام کی فلاح و بہبود کے لیے اقدامات کر رہی ہے اور ملک کی ترقی کے لیے ہر ممکن کوشش جاری رکھے گی اس موقع پر دیگر رہنماؤں نے بھی خطاب کیا
26
بقیہ
وزیراعظم نے کہا کہ حکومت عوام کی فلاح و بہبود کے لیے اقدامات کر رہی ہے اور ملک کی ترقی کے لیے ہر ممکن کوشش جاری رکھے گی اس موقع پر دیگر رہنماؤں نے بھی خطاب کیا وزیراعظم نے کہا کہ حکومت عوام کی فلاح و بہبود کے لیے اقدامات کر رہی ہے اور ملک کی ترقی کے لیے ہر ممکن کوشش جاری رکھے گی اس موقع پر دیگر رہنماؤں نے بھی خطاب کیا وزیراعظم نے کہا کہ حکومت عوام کی فلاح و بہبود کے لیے اقدامات کر رہی ہے اور ملک کی ترقی کے لیے ہر ممکن کوشش جاری رکھے گی اس موقع پر دیگر رہنماؤں نے بھی خطاب کیا وزیراعظم نے کہا کہ حکومت عوام کی فلاح و بہبود کے لیے اقدامات کر رہی ہے اور ملک کی ترقی کے لیے ہر ممکن کوشش جاری رکھے گی اس موقع پر دیگر رہنماؤں نے بھی خطاب کیا
27
بقیہ
وزیراعظم نے کہا کہ حکومت عوام کی فلاح و بہبود کے لیے اقدامات کر رہی ہے اور ملک کی ترقی کے لیے ہر ممکن کوشش جاری رکھے گی اس موقع پر دیگر رہنماؤں نے بھی خطاب کیا وزیراعظم نے کہا کہ حکومت عوام کی فلاح و بہبود کے لیے اقدامات کر رہی ہے اور ملک کی ترقی کے لیے ہر ممکن کوشش جاری رکھے گی اس موقع پر دیگر رہنماؤں نے بھی خطاب کیا وزیراعظم نے کہا کہ حکومت عوام کی فلاح و بہبود کے لیے اقدامات کر رہی ہے اور ملک کی ترقی کے لیے ہر ممکن کوشش جاری رکھے گی اس موقع پر دیگر رہنماؤں نے بھی خطاب کیا وزیراعظم نے کہا کہ حکومت عوام کی فلاح و بہبود کے لیے اقدامات کر رہی ہے اور ملک کی ترقی کے لیے ہر ممکن کوشش جاری رکھے گی اس موقع پر دیگر رہنماؤں نے بھی خطاب کیا
28
بقیہ
وزیراعظم نے کہا کہ حکومت عوام کی فلاح و بہبود کے لیے اقدامات کر رہی ہے اور ملک کی ترقی کے لیے ہر ممکن کوشش جاری رکھے گی اس موقع پر دیگر رہنماؤں نے بھی خطاب کیا وزیراعظم نے کہا کہ حکومت عوام کی فلاح و بہبود کے لیے اقدامات کر رہی ہے اور ملک کی ترقی کے لیے ہر ممکن کوشش جاری رکھے گی اس موقع پر دیگر رہنماؤں نے بھی خطاب کیا وزیراعظم نے کہا کہ حکومت عوام کی فلاح و بہبود کے لیے اقدامات کر رہی ہے اور ملک کی ترقی کے لیے ہر ممکن کوشش جاری رکھے گی اس موقع پر دیگر رہنماؤں نے بھی خطاب کیا وزیراعظم نے کہا کہ حکومت عوام کی فلاح و بہبود کے لیے اقدامات کر رہی ہے اور ملک کی ترقی کے لیے ہر ممکن کوشش جاری رکھے گی اس موقع پر دیگر رہنماؤں نے بھی خطاب کیا
29
بقیہ
وزیراعظم نے کہا کہ حکومت عوام کی فلاح و بہبود کے لیے اقدامات کر رہی ہے اور ملک کی ترقی کے لیے ہر ممکن کوشش جاری رکھے گی اس موقع پر دیگر رہنماؤں نے بھی خطاب کیا وزیراعظم نے کہا کہ حکومت عوام کی فلاح و بہبود کے لیے اقدامات کر رہی ہے اور ملک کی ترقی کے لیے ہر ممکن کوشش جاری رکھے گی اس موقع پر دیگر رہنماؤں نے بھی خطاب کیا وزیراعظم نے کہا کہ حکومت عوام کی فلاح و بہبود کے لیے اقدامات کر رہی ہے اور ملک کی ترقی کے لیے ہر ممکن کوشش جاری رکھے گی اس موقع پر دیگر رہنماؤں نے بھی خطاب کیا وزیراعظم نے کہا کہ حکومت عوام کی فلاح و بہبود کے لیے اقدامات کر رہی ہے اور ملک کی ترقی کے لیے ہر ممکن کوشش جاری رکھے گی اس موقع پر دیگر رہنماؤں نے بھی خطاب کیا
30
بقیہ
وزیراعظم نے کہا کہ حکومت عوام کی فلاح و بہبود کے لیے اقدامات کر رہی ہے اور ملک کی ترقی کے لیے ہر ممکن کوشش جاری رکھے گی اس موقع پر دیگر رہنماؤں نے بھی خطاب کیا وزیراعظم نے کہا کہ حکومت عوام کی فلاح و بہبود کے لیے اقدامات کر رہی ہے اور ملک کی ترقی کے لیے ہر ممکن کوشش جاری رکھے گی اس موقع پر دیگر رہنماؤں نے بھی خطاب کیا وزیراعظم نے کہا کہ حکومت عوام کی فلاح و بہبود کے لیے اقدامات کر رہی ہے اور ملک کی ترقی کے لیے ہر ممکن کوشش جاری رکھے گی اس موقع پر دیگر رہنماؤں نے بھی خطاب کیا
31
بقیہ
وزیراعظم نے کہا کہ حکومت عوام کی فلاح و بہبود کے لیے اقدامات کر رہی ہے اور ملک کی ترقی کے لیے ہر ممکن کوشش جاری رکھے گی اس موقع پر دیگر رہنماؤں نے بھی خطاب کیا وزیراعظم نے کہا کہ حکومت عوام کی فلاح و بہبود کے لیے اقدامات کر رہی ہے اور ملک کی ترقی کے لیے ہر ممکن کوشش جاری رکھے گی اس موقع پر دیگر رہنماؤں نے بھی خطاب کیا وزیراعظم نے کہا کہ حکومت عوام کی فلاح و بہبود کے لیے اقدامات کر رہی ہے اور ملک کی ترقی کے لیے ہر ممکن کوشش جاری رکھے گی اس موقع پر دیگر رہنماؤں نے بھی خطاب کیا
32
بقیہ
وزیراعظم نے کہا کہ حکومت عوام کی فلاح و بہبود کے لیے اقدامات کر رہی ہے اور ملک کی ترقی کے لیے ہر ممکن کوشش جاری رکھے گی اس موقع پر دیگر رہنماؤں نے بھی خطاب کیا وزیراعظم نے کہا کہ حکومت عوام کی فلاح و بہبود کے لیے اقدامات کر رہی ہے اور ملک کی ترقی کے لیے ہر ممکن کوشش جاری رکھے گی اس موقع پر دیگر رہنماؤں نے بھی خطاب کیا وزیراعظم نے کہا کہ حکومت عوام کی فلاح و بہبود کے لیے اقدامات کر رہی ہے اور ملک کی ترقی کے لیے ہر ممکن کوشش جاری رکھے گی اس موقع پر دیگر رہنماؤں نے بھی خطاب کیا
33
بقیہ
وزیراعظم نے کہا کہ حکومت عوام کی فلاح و بہبود کے لیے اقدامات کر رہی ہے اور ملک کی ترقی کے لیے ہر ممکن کوشش جاری رکھے گی اس موقع پر دیگر رہنماؤں نے بھی خطاب کیا وزیراعظم نے کہا کہ حکومت عوام کی فلاح و بہبود کے لیے اقدامات کر رہی ہے اور ملک کی ترقی کے لیے ہر ممکن کوشش جاری رکھے گی اس موقع پر دیگر رہنماؤں نے بھی خطاب کیا وزیراعظم نے کہا کہ حکومت عوام کی فلاح و بہبود کے لیے اقدامات کر رہی ہے اور ملک کی ترقی کے لیے ہر ممکن کوشش جاری رکھے گی اس موقع پر دیگر رہنماؤں نے بھی خطاب کیا
34
بقیہ
وزیراعظم نے کہا کہ حکومت عوام کی فلاح و بہبود کے لیے اقدامات کر رہی ہے اور ملک کی ترقی کے لیے ہر ممکن کوشش جاری رکھے گی اس موقع پر دیگر رہنماؤں نے بھی خطاب کیا وزیراعظم نے کہا کہ حکومت عوام کی فلاح و بہبود کے لیے اقدامات کر رہی ہے اور ملک کی ترقی کے لیے ہر ممکن کوشش جاری رکھے گی اس موقع پر دیگر رہنماؤں نے بھی خطاب کیا وزیراعظم نے کہا کہ حکومت عوام کی فلاح و بہبود کے لیے اقدامات کر رہی ہے اور ملک کی ترقی کے لیے ہر ممکن کوشش جاری رکھے گی اس موقع پر دیگر رہنماؤں نے بھی خطاب کیا
35
بقیہ
وزیراعظم نے کہا کہ حکومت عوام کی فلاح و بہبود کے لیے اقدامات کر رہی ہے اور ملک کی ترقی کے لیے ہر ممکن کوشش جاری رکھے گی اس موقع پر دیگر رہنماؤں نے بھی خطاب کیا وزیراعظم نے کہا کہ حکومت عوام کی فلاح و بہبود کے لیے اقدامات کر رہی ہے اور ملک کی ترقی کے لیے ہر ممکن کوشش جاری رکھے گی اس موقع پر دیگر رہنماؤں نے بھی خطاب کیا وزیراعظم نے کہا کہ حکومت عوام کی فلاح و بہبود کے لیے اقدامات کر رہی ہے اور ملک کی ترقی کے لیے ہر ممکن کوشش جاری رکھے گی اس موقع پر دیگر رہنماؤں نے بھی خطاب کیا
36
بقیہ
وزیراعظم نے کہا کہ حکومت عوام کی فلاح و بہبود کے لیے اقدامات کر رہی ہے اور ملک کی ترقی کے لیے ہر ممکن کوشش جاری رکھے گی اس موقع پر دیگر رہنماؤں نے بھی خطاب کیا وزیراعظم نے کہا کہ حکومت عوام کی فلاح و بہبود کے لیے اقدامات کر رہی ہے اور ملک کی ترقی کے لیے ہر ممکن کوشش جاری رکھے گی اس موقع پر دیگر رہنماؤں نے بھی خطاب کیا وزیراعظم نے کہا کہ حکومت عوام کی فلاح و بہبود کے لیے اقدامات کر رہی ہے اور ملک کی ترقی کے لیے ہر ممکن کوشش جاری رکھے گی اس موقع پر دیگر رہنماؤں نے بھی خطاب کیا
37
بقیہ
وزیراعظم نے کہا کہ حکومت عوام کی فلاح و بہبود کے لیے اقدامات کر رہی ہے اور ملک کی ترقی کے لیے ہر ممکن کوشش جاری رکھے گی اس موقع پر دیگر رہنماؤں نے بھی خطاب کیا وزیراعظم نے کہا کہ حکومت عوام کی فلاح و بہبود کے لیے اقدامات کر رہی ہے اور ملک کی ترقی کے لیے ہر ممکن کوشش جاری رکھے گی اس موقع پر دیگر رہنماؤں نے بھی خطاب کیا وزیراعظم نے کہا کہ حکومت عوام کی فلاح و بہبود کے لیے اقدامات کر رہی ہے اور ملک کی ترقی کے لیے ہر ممکن کوشش جاری رکھے گی اس موقع پر دیگر رہنماؤں نے بھی خطاب کیا
38
بقیہ
وزیراعظم نے کہا کہ حکومت عوام کی فلاح و بہبود کے لیے اقدامات کر رہی ہے اور ملک کی ترقی کے لیے ہر ممکن کوشش جاری رکھے گی اس موقع پر دیگر رہنماؤں نے بھی خطاب کیا وزیراعظم نے کہا کہ حکومت عوام کی فلاح و بہبود کے لیے اقدامات کر رہی ہے اور ملک کی ترقی کے لیے ہر ممکن کوشش جاری رکھے گی اس موقع پر دیگر رہنماؤں نے بھی خطاب کیا وزیراعظم نے کہا کہ حکومت عوام کی فلاح و بہبود کے لیے اقدامات کر رہی ہے اور ملک کی ترقی کے لیے ہر ممکن کوشش جاری رکھے گی اس موقع پر دیگر رہنماؤں نے بھی خطاب کیا
39
بقیہ
وزیراعظم نے کہا کہ حکومت عوام کی فلاح و بہبود کے لیے اقدامات کر رہی ہے اور ملک کی ترقی کے لیے ہر ممکن کوشش جاری رکھے گی اس موقع پر دیگر رہنماؤں نے بھی خطاب کیا وزیراعظم نے کہا کہ حکومت عوام کی فلاح و بہبود کے لیے اقدامات کر رہی ہے اور ملک کی ترقی کے لیے ہر ممکن کوشش جاری رکھے گی اس موقع پر دیگر رہنماؤں نے بھی خطاب کیا وزیراعظم نے کہا کہ حکومت عوام کی فلاح و بہبود کے لیے اقدامات کر رہی ہے اور ملک کی ترقی کے لیے ہر ممکن کوشش جاری رکھے گی اس موقع پر دیگر رہنماؤں نے بھی خطاب کیا
40
بقیہ
وزیراعظم نے کہا کہ حکومت عوام کی فلاح و بہبود کے لیے اقدامات کر رہی ہے اور ملک کی ترقی کے لیے ہر ممکن کوشش جاری رکھے گی اس موقع پر دیگر رہنماؤں نے بھی خطاب کیا وزیراعظم نے کہا کہ حکومت عوام کی فلاح و بہبود کے لیے اقدامات کر رہی ہے اور ملک کی ترقی کے لیے ہر ممکن کوشش جاری رکھے گی اس موقع پر دیگر رہنماؤں نے بھی خطاب کیا وزیراعظم نے کہا کہ حکومت عوام کی فلاح و بہبود کے لیے اقدامات کر رہی ہے اور ملک کی ترقی کے لیے ہر ممکن کوشش جاری رکھے گی اس موقع پر دیگر رہنماؤں نے بھی خطاب کیا
41
بقیہ
وزیراعظم نے کہا کہ حکومت عوام کی فلاح و بہبود کے لیے اقدامات کر رہی ہے اور ملک کی ترقی کے لیے ہر ممکن کوشش جاری رکھے گی اس موقع پر دیگر رہنماؤں نے بھی خطاب کیا وزیراعظم نے کہا کہ حکومت عوام کی فلاح و بہبود کے لیے اقدامات کر رہی ہے اور ملک کی ترقی کے لیے ہر ممکن کوشش جاری رکھے گی اس موقع پر دیگر رہنماؤں نے بھی خطاب کیا وزیراعظم نے کہا کہ حکومت عوام کی فلاح و بہبود کے لیے اقدامات کر رہی ہے اور ملک کی ترقی کے لیے ہر ممکن کوشش جاری رکھے گی اس موقع پر دیگر رہنماؤں نے بھی خطاب کیا
42
بقیہ
وزیراعظم نے کہا کہ حکومت عوام کی فلاح و بہبود کے لیے اقدامات کر رہی ہے اور ملک کی ترقی کے لیے ہر ممکن کوشش جاری رکھے گی اس موقع پر دیگر رہنماؤں نے بھی خطاب کیا وزیراعظم نے کہا کہ حکومت عوام کی فلاح و بہبود کے لیے اقدامات کر رہی ہے اور ملک کی ترقی کے لیے ہر ممکن کوشش جاری رکھے گی اس موقع پر دیگر رہنماؤں نے بھی خطاب کیا وزیراعظم نے کہا کہ حکومت عوام کی فلاح و بہبود کے لیے اقدامات کر رہی ہے اور ملک کی ترقی کے لیے ہر ممکن کوشش جاری رکھے گی اس موقع پر دیگر رہنماؤں نے بھی خطاب کیا
43
بقیہ
وزیراعظم نے کہا کہ حکومت عوام کی فلاح و بہبود کے لیے اقدامات کر رہی ہے اور ملک کی ترقی کے لیے ہر ممکن کوشش جاری رکھے گی اس موقع پر دیگر رہنماؤں نے بھی خطاب کیا وزیراعظم نے کہا کہ حکومت عوام کی فلاح و بہبود کے لیے اقدامات کر رہی ہے اور ملک کی ترقی کے لیے ہر ممکن کوشش جاری رکھے گی اس موقع پر دیگر رہنماؤں نے بھی خطاب کیا وزیراعظم نے کہا کہ حکومت عوام کی فلاح و بہبود کے لیے اقدامات کر رہی ہے اور ملک کی ترقی کے لیے ہر ممکن کوشش جاری رکھے گی اس موقع پر دیگر رہنماؤں نے بھی خطاب کیا
44
بقیہ
وزیراعظم نے کہا کہ حکومت عوام کی فلاح و بہبود کے لیے اقدامات کر رہی ہے اور ملک کی ترقی کے لیے ہر ممکن کوشش جاری رکھے گی اس موقع پر دیگر رہنماؤں نے بھی خطاب کیا وزیراعظم نے کہا کہ حکومت عوام کی فلاح و بہبود کے لیے اقدامات کر رہی ہے اور ملک کی ترقی کے لیے ہر ممکن کوشش جاری رکھے گی اس موقع پر دیگر رہنماؤں نے بھی خطاب کیا وزیراعظم نے کہا کہ حکومت عوام کی فلاح و بہبود کے لیے اقدامات کر رہی ہے اور ملک کی ترقی کے لیے ہر ممکن کوشش جاری رکھے گی اس موقع پر دیگر رہنماؤں نے بھی خطاب کیا
45
بقیہ
وزیراعظم نے کہا کہ حکومت عوام کی فلاح و بہبود کے لیے اقدامات کر رہی ہے اور ملک کی ترقی کے لیے ہر ممکن کوشش جاری رکھے گی اس موقع پر دیگر رہنماؤں نے بھی خطاب کیا وزیراعظم نے کہا کہ حکومت عوام کی فلاح و بہبود کے لیے اقدامات کر رہی ہے اور ملک کی ترقی کے لیے ہر ممکن کوشش جاری رکھے گی اس موقع پر دیگر رہنماؤں نے بھی خطاب کیا وزیراعظم نے کہا کہ حکومت عوام کی فلاح و بہبود کے لیے اقدامات کر رہی ہے اور ملک کی ترقی کے لیے ہر ممکن کوشش جاری رکھے گی اس موقع پر دیگر رہنماؤں نے بھی خطاب کیا
46
بقیہ
وزیراعظم نے کہا کہ حکومت عوام کی فلاح و بہبود کے لیے اقدامات کر رہی ہے اور ملک کی ترقی کے لیے ہر ممکن کوشش جاری رکھے گی اس موقع پر دیگر رہنماؤں نے بھی خطاب کیا وزیراعظم نے کہا کہ حکومت عوام کی فلاح و بہبود کے لیے اقدامات کر رہی ہے اور ملک کی ترقی کے لیے ہر ممکن کوشش جاری رکھے گی اس موقع پر دیگر رہنماؤں نے بھی خطاب کیا وزیراعظم نے کہا کہ حکومت عوام کی فلاح و بہبود کے لیے اقدامات کر رہی ہے اور ملک کی ترقی کے لیے ہر ممکن کوشش جاری رکھے گی اس موقع پر دیگر رہنماؤں نے بھی خطاب کیا
47
بقیہ
وزیراعظم نے کہا کہ حکومت عوام کی فلاح و بہبود کے لیے اقدامات کر رہی ہے اور ملک کی ترقی کے لیے ہر ممکن کوشش جاری رکھے گی اس موقع پر دیگر رہنماؤں نے بھی خطاب کیا وزیراعظم نے کہا کہ حکومت عوام کی فلاح و بہبود کے لیے اقدامات کر رہی ہے اور ملک کی ترقی کے لیے ہر ممکن کوشش جاری رکھے گی اس موقع پر دیگر رہنماؤں نے بھی خطاب کیا وزیراعظم نے کہا کہ حکومت عوام کی فلاح و بہبود کے لیے اقدامات کر رہی ہے اور ملک کی ترقی کے لیے ہر ممکن کوشش جاری رکھے گی اس موقع پر دیگر رہنماؤں نے بھی خطاب کیا
48
بقیہ
وزیراعظم نے کہا کہ حکومت عوام کی فلاح و بہبود کے لیے اقدامات کر رہی ہے اور ملک کی ترقی کے لیے ہر ممکن کوشش جاری رکھے گی اس موقع پر دیگر رہنماؤں نے بھی خطاب کیا وزیراعظم نے کہا کہ حکومت عوام کی فلاح و بہبود کے لیے اقدامات کر رہی ہے اور ملک کی ترقی کے لیے ہر ممکن کوشش جاری رکھے گی اس موقع پر دیگر رہنماؤں نے بھی خطاب کیا وزیراعظم نے کہا کہ حکومت عوام کی فلاح و بہبود کے لیے اقدامات کر رہی ہے اور ملک کی ترقی کے لیے ہر ممکن کوشش جاری رکھے گی اس موقع پر دیگر رہنماؤں نے بھی خطاب کیا
49
بقیہ
وزیراعظم نے کہا کہ حکومت عوام کی فلاح و بہبود کے لیے اقدامات کر رہی ہے اور ملک کی ترقی کے لیے ہر ممکن کوشش جاری رکھے گی اس موقع پر دیگر رہنماؤں نے بھی خطاب کیا وزیراعظم نے کہا کہ حکومت عوام کی فلاح و بہبود کے لیے اقدامات کر رہی ہے اور ملک کی ترقی کے لیے ہر ممکن کوشش جاری رکھے گی اس موقع پر دیگر رہنماؤں نے بھی خطاب کیا وزیراعظم نے کہا کہ حکومت عوام کی فلاح و بہبود کے لیے اقدامات کر رہی ہے اور ملک کی ترقی کے لیے ہر ممکن کوشش جاری رکھے گی اس موقع پر دیگر رہنماؤں نے بھی خطاب کیا
50
بقیہ
وزیراعظم نے کہا کہ حکومت عوام کی فلاح و بہبود کے لیے اقدامات کر رہی ہے اور ملک کی ترقی کے لیے ہر ممکن کوشش جاری رکھے گی اس موقع پر دیگر رہنماؤں نے بھی خطاب کیا وزیراعظم نے کہا کہ حکومت عوام کی فلاح و بہبود کے لیے اقدامات کر رہی ہے اور ملک کی ترقی کے لیے ہر ممکن کوشش جاری رکھے گی اس موقع پر دیگر رہنماؤں نے بھی خطاب کیا وزیراعظم نے کہا کہ حکومت عوام کی فلاح و بہبود کے لیے اقدامات کر رہی ہے اور ملک کی ترقی کے لیے ہر ممکن کوشش جاری رکھے گی اس موقع پر دیگر رہنماؤں نے بھی خطاب کیا وزیراعظم نے کہا کہ حکومت عوام کی فلاح و بہبود کے لیے اقدامات کر رہی ہے اور ملک کی ترقی کے لیے ہر ممکن کوشش جاری رکھے گی اس موقع پر دیگر رہنماؤں نے بھی خطاب کیا
51
بقیہ
وزیراعظم نے کہا کہ حکومت عوام کی فلاح و بہبود کے لیے اقدامات کر رہی ہے اور ملک کی ترقی کے لیے ہر ممکن کوشش جاری رکھے گی اس موقع پر دیگر رہنماؤں نے بھی خطاب کیا وزیراعظم نے کہا کہ حکومت عوام کی فلاح و بہبود کے لیے اقدامات کر رہی ہے اور ملک کی ترقی کے لیے ہر ممکن کوشش جاری رکھے گی اس موقع پر دیگر رہنماؤں نے بھی خطاب کیا وزیراعظم نے کہا کہ حکومت عوام کی فلاح و بہبود کے لیے اقدامات کر رہی ہے اور ملک کی ترقی کے لیے ہر ممکن کوشش جاری رکھے گی اس موقع پر دیگر رہنماؤں نے بھی خطاب کیا وزیراعظم نے کہا کہ حکومت عوام کی فلاح و بہبود کے لیے اقدامات کر رہی ہے اور ملک کی ترقی کے لیے ہر ممکن کوشش جاری رکھے گی اس موقع پر دیگر رہنماؤں نے بھی خطاب کیا
52
بقیہ
وزیراعظم نے کہا کہ حکومت عوام کی فلاح و بہبود کے لیے اقدامات کر رہی ہے اور ملک کی ترقی کے لیے ہر ممکن کوشش جاری رکھے گی اس موقع پر دیگر رہنماؤں نے بھی خطاب کیا وزیراعظم نے کہا کہ حکومت عوام کی فلاح و بہبود کے لیے اقدامات کر رہی ہے اور ملک کی ترقی کے لیے ہر ممکن کوشش جاری رکھے گی اس موقع پر دیگر رہنماؤں نے بھی خطاب کیا وزیراعظم نے کہا کہ حکومت عوام کی فلاح و بہبود کے لیے اقدامات کر رہی ہے اور ملک کی ترقی کے لیے ہر ممکن کوشش جاری رکھے گی اس موقع پر دیگر رہنماؤں نے بھی خطاب کیا وزیراعظم نے کہا کہ حکومت عوام کی فلاح و بہبود کے لیے اقدامات کر رہی ہے اور ملک کی ترقی کے لیے ہر ممکن کوشش جاری رکھے گی اس موقع پر دیگر رہنماؤں نے بھی خطاب کیا
53
بقیہ
وزیراعظم نے کہا کہ حکومت عوام کی فلاح و بہبود کے لیے اقدامات کر رہی ہے اور ملک کی ترقی کے لیے ہر ممکن کوشش جاری رکھے گی اس موقع پر دیگر رہنماؤں نے بھی خطاب کیا وزیراعظم نے کہا کہ حکومت عوام کی فلاح و بہبود کے لیے اقدامات کر رہی ہے اور ملک کی ترقی کے لیے ہر ممکن کوشش جاری رکھے گی اس موقع پر دیگر رہنماؤں نے بھی خطاب کیا وزیراعظم نے کہا کہ حکومت عوام کی فلاح و بہبود کے لیے اقدامات کر رہی ہے اور ملک کی ترقی کے لیے ہر ممکن کوشش جاری رکھے گی اس موقع پر دیگر رہنماؤں نے بھی خطاب کیا وزیراعظم نے کہا کہ حکومت عوام کی فلاح و بہبود کے لیے اقدامات کر رہی ہے اور ملک کی ترقی کے لیے ہر ممکن کوشش جاری رکھے گی اس موقع پر دیگر رہنماؤں نے بھی خطاب کیا
54
بقیہ
وزیراعظم نے کہا کہ حکومت عوام کی فلاح و بہبود کے لیے اقدامات کر رہی ہے اور ملک کی ترقی کے لیے ہر ممکن کوشش جاری رکھے گی اس موقع پر دیگر رہنماؤں نے بھی خطاب کیا وزیراعظم نے کہا کہ حکومت عوام کی فلاح و بہبود کے لیے اقدامات کر رہی ہے اور ملک کی ترقی کے لیے ہر ممکن کوشش جاری رکھے گی اس موقع پر دیگر رہنماؤں نے بھی خطاب کیا وزیراعظم نے کہا کہ حکومت عوام کی فلاح و بہبود کے لیے اقدامات کر رہی ہے اور ملک کی ترقی کے لیے ہر ممکن کوشش جاری رکھے گی اس موقع پر دیگر رہنماؤں نے بھی خطاب کیا وزیراعظم نے کہا کہ حکومت عوام کی فلاح و بہبود کے لیے اقدامات کر رہی ہے اور ملک کی ترقی کے لیے ہر ممکن کوشش جاری رکھے گی اس موقع پر دیگر رہنماؤں نے بھی خطاب کیا
55
بقیہ
وزیراعظم نے کہا کہ حکومت عوام کی فلاح و بہبود کے لیے اقدامات کر رہی ہے اور ملک کی ترقی کے لیے ہر ممکن کوشش جاری رکھے گی اس موقع پر دیگر رہنماؤں نے بھی خطاب کیا وزیراعظم نے کہا کہ حکومت عوام کی فلاح و بہبود کے لیے اقدامات کر رہی ہے اور ملک کی ترقی کے لیے ہر ممکن کوشش جاری رکھے گی اس موقع پر دیگر رہنماؤں نے بھی خطاب کیا وزیراعظم نے کہا کہ حکومت عوام کی فلاح و بہبود کے لیے اقدامات کر رہی ہے اور ملک کی ترقی کے لیے ہر ممکن کوشش جاری رکھے گی اس موقع پر دیگر رہنماؤں نے بھی خطاب کیا وزیراعظم نے کہا کہ حکومت عوام کی فلاح و بہبود کے لیے اقدامات کر رہی ہے اور ملک کی ترقی کے لیے ہر ممکن کوشش جاری رکھے گی اس موقع پر دیگر رہنماؤں نے بھی خطاب کیا
56
بقیہ
وزیراعظم نے کہا کہ حکومت عوام کی فلاح و بہبود کے لیے اقدامات کر رہی ہے اور ملک کی ترقی کے لیے ہر ممکن کوشش جاری رکھے گی اس موقع پر دیگر رہنماؤں نے بھی خطاب کیا وزیراعظم نے کہا کہ حکومت عوام کی فلاح و بہبود کے لیے اقدامات کر رہی ہے اور ملک کی ترقی کے لیے ہر ممکن کوشش جاری رکھے گی اس موقع پر دیگر رہنماؤں نے بھی خطاب کیا وزیراعظم نے کہا کہ حکومت عوام کی فلاح و بہبود کے لیے اقدامات کر رہی ہے اور ملک کی ترقی کے لیے ہر ممکن کوشش جاری رکھے گی اس موقع پر دیگر رہنماؤں نے بھی خطاب کیا وزیراعظم نے کہا کہ حکومت عوام کی فلاح و بہبود کے لیے اقدامات کر رہی ہے اور ملک کی ترقی کے لیے ہر ممکن کوشش جاری رکھے گی اس موقع پر دیگر رہنماؤں نے بھی خطاب کیا
57
بقیہ
وزیراعظم نے کہا کہ حکومت عوام کی فلاح و بہبود کے لیے اقدامات کر رہی ہے اور ملک کی ترقی کے لیے ہر ممکن کوشش جاری رکھے گی اس موقع پر دیگر رہنماؤں نے بھی خطاب کیا وزیراعظم نے کہا کہ حکومت عوام کی فلاح و بہبود کے لیے اقدامات کر رہی ہے اور ملک کی ترقی کے لیے ہر ممکن کوشش جاری رکھے گی اس موقع پر دیگر رہنماؤں نے بھی خطاب کیا وزیراعظم نے کہا کہ حکومت عوام کی فلاح و بہبود کے لیے اقدامات کر رہی ہے اور ملک کی ترقی کے لیے ہر ممکن کوشش جاری رکھے گی اس موقع پر دیگر رہنماؤں نے بھی خطاب کیا وزیراعظم نے کہا کہ حکومت عوام کی فلاح و بہبود کے لیے اقدامات کر رہی ہے اور ملک کی ترقی کے لیے ہر ممکن کوشش جاری رکھے گی اس موقع پر دیگر رہنماؤں نے بھی خطاب کیا
